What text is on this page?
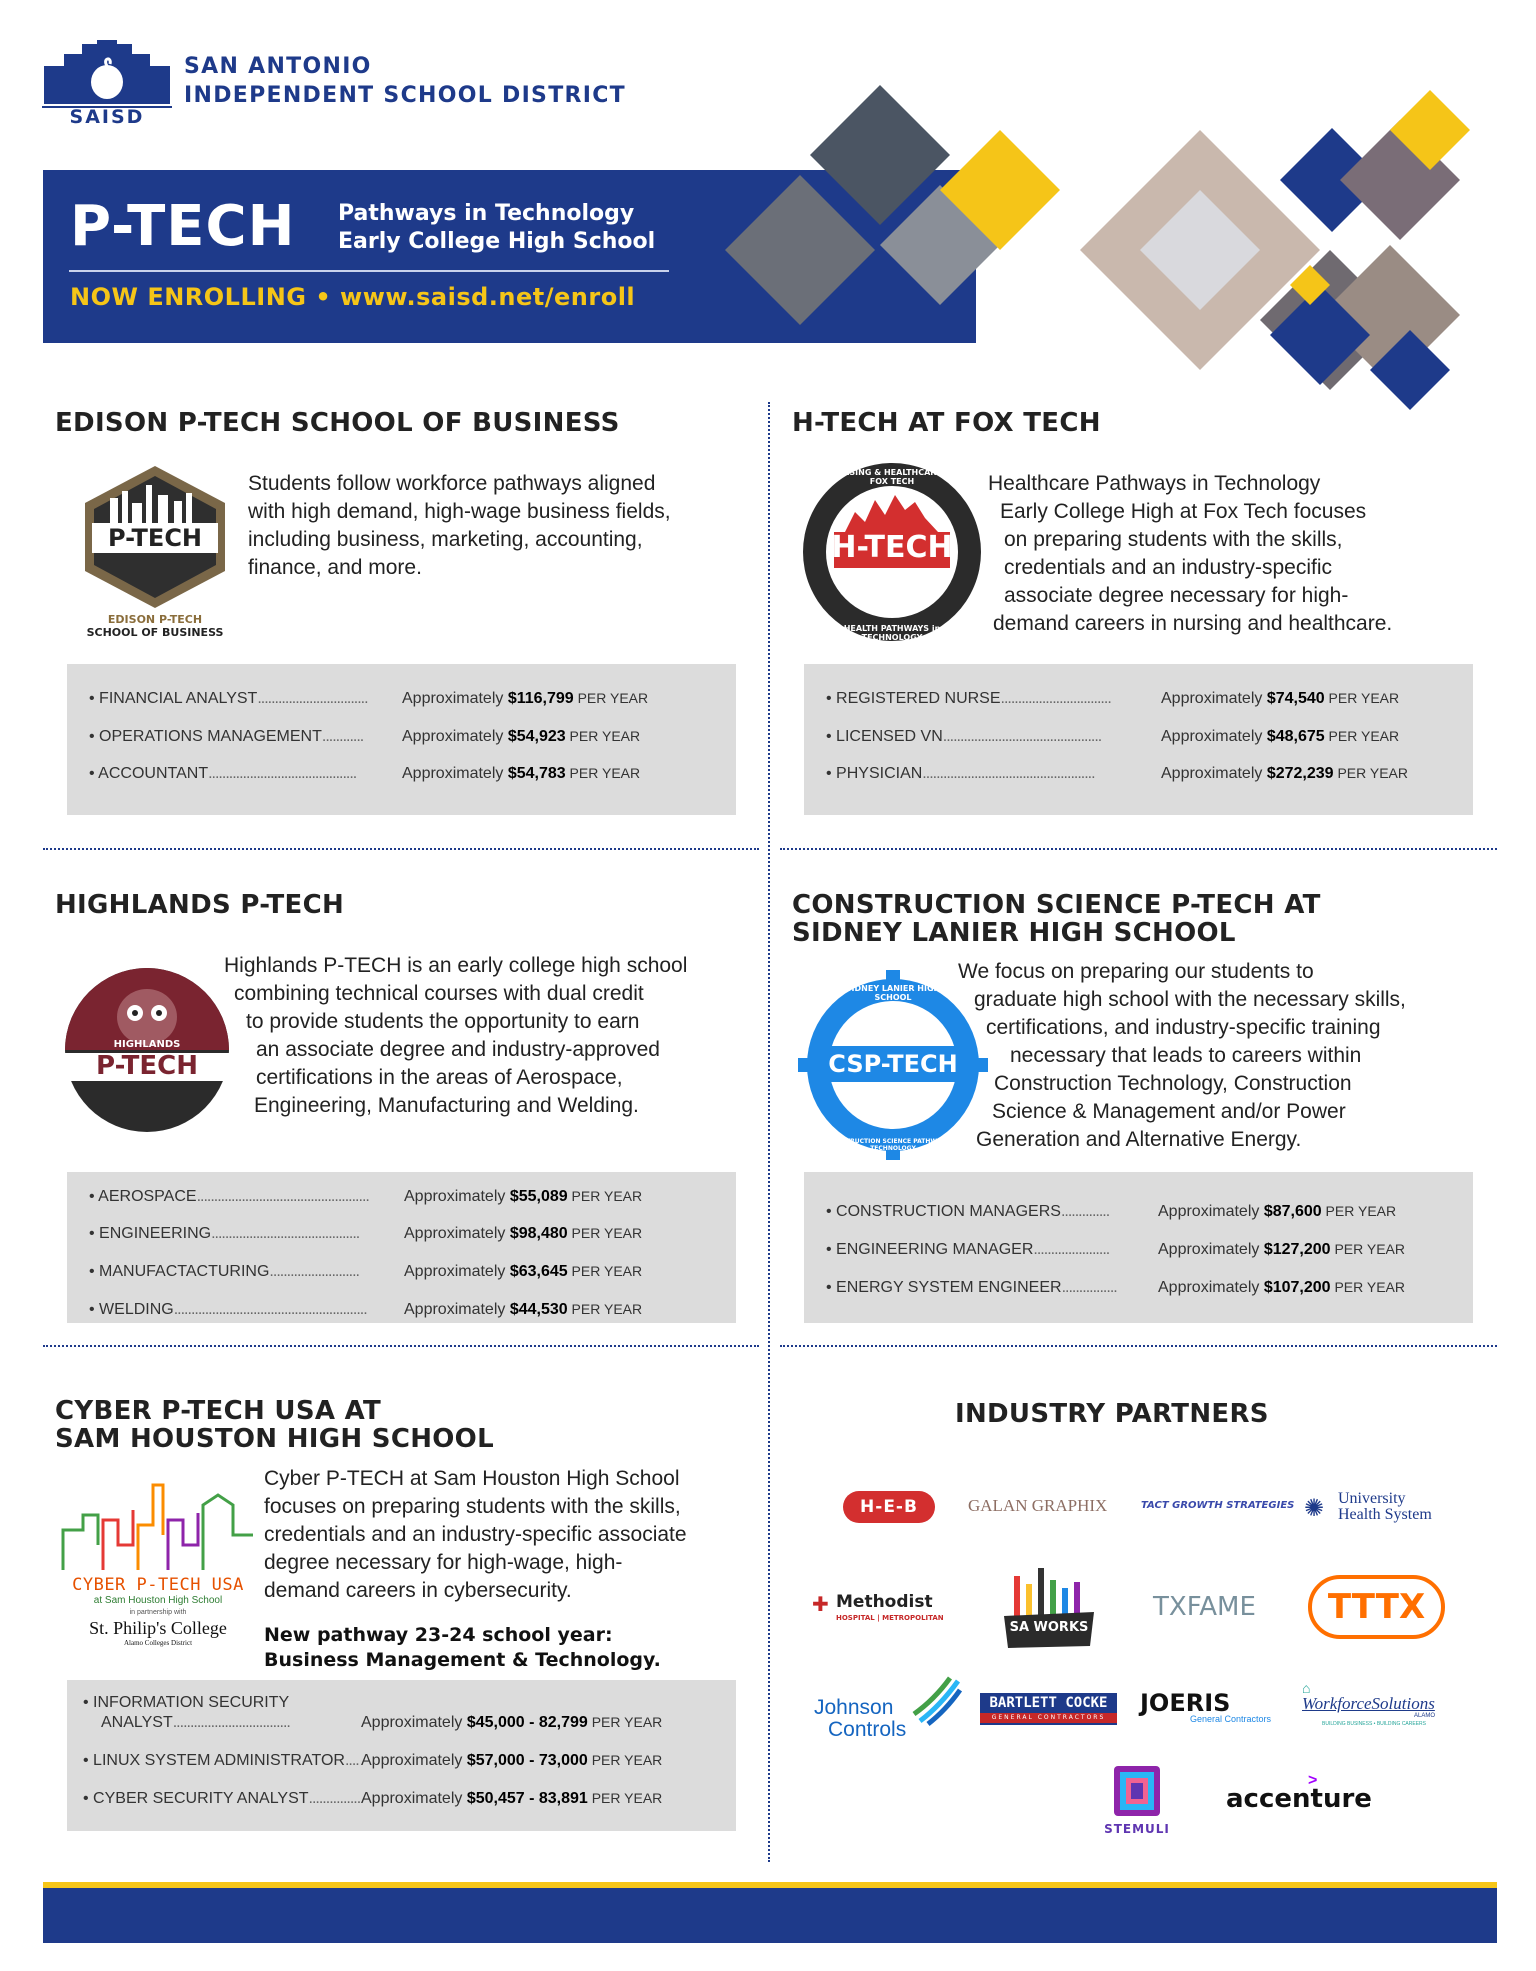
SAISD
SAN ANTONIO
INDEPENDENT SCHOOL DISTRICT
P-TECH Pathways in Technology
Early College High School
NOW ENROLLING • www.saisd.net/enroll
EDISON P-TECH SCHOOL OF BUSINESS
P-TECH
EDISON P-TECH
SCHOOL OF BUSINESS
Students follow workforce pathways aligned
with high demand, high-wage business fields,
including business, marketing, accounting,
finance, and more.
• FINANCIAL ANALYST................................ Approximately $116,799 PER YEAR
• OPERATIONS MANAGEMENT............ Approximately $54,923 PER YEAR
• ACCOUNTANT...........................................	Approximately $54,783 PER YEAR
H-TECH AT FOX TECH
H-TECH
NURSING & HEALTHCARE at FOX TECH
HEALTH PATHWAYS in TECHNOLOGY
Healthcare Pathways in Technology
Early College High at Fox Tech focuses
on preparing students with the skills,
credentials and an industry-specific
associate degree necessary for high-
demand careers in nursing and healthcare.
• REGISTERED NURSE................................	Approximately $74,540 PER YEAR
• LICENSED VN..............................................	Approximately $48,675 PER YEAR
• PHYSICIAN..................................................	Approximately $272,239 PER YEAR
HIGHLANDS P-TECH
HIGHLANDS
P-TECH
Highlands P-TECH is an early college high school
combining technical courses with dual credit
to provide students the opportunity to earn
an associate degree and industry-approved
certifications in the areas of Aerospace,
Engineering, Manufacturing and Welding.
• AEROSPACE.................................................. Approximately $55,089 PER YEAR
• ENGINEERING...........................................	Approximately $98,480 PER YEAR
• MANUFACTACTURING..........................	Approximately $63,645 PER YEAR
• WELDING........................................................ Approximately $44,530 PER YEAR
CONSTRUCTION SCIENCE P-TECH AT
SIDNEY LANIER HIGH SCHOOL
CSP-TECH
SIDNEY LANIER HIGH SCHOOL
CONSTRUCTION SCIENCE PATHWAYS IN TECHNOLOGY
We focus on preparing our students to
graduate high school with the necessary skills,
certifications, and industry-specific training
necessary that leads to careers within
Construction Technology, Construction
Science & Management and/or Power
Generation and Alternative Energy.
• CONSTRUCTION MANAGERS..............	Approximately $87,600 PER YEAR
• ENGINEERING MANAGER......................	Approximately $127,200 PER YEAR
• ENERGY SYSTEM ENGINEER................	Approximately $107,200 PER YEAR
CYBER P-TECH USA AT
SAM HOUSTON HIGH SCHOOL
CYBER P-TECH USA
at Sam Houston High School
in partnership with
St. Philip's College
Alamo Colleges District
Cyber P-TECH at Sam Houston High School
focuses on preparing students with the skills,
credentials and an industry-specific associate
degree necessary for high-wage, high-
demand careers in cybersecurity.
New pathway 23-24 school year:
Business Management & Technology.
• INFORMATION SECURITY
ANALYST..................................	Approximately $45,000 - 82,799 PER YEAR
• LINUX SYSTEM ADMINISTRATOR.... Approximately $57,000 - 73,000 PER YEAR
• CYBER SECURITY ANALYST............... Approximately $50,457 - 83,891 PER YEAR
INDUSTRY PARTNERS
H-E-B	GALAN GRAPHIX	TACT GROWTH STRATEGIES ✺ University
Health System
✚ Methodist
HOSPITAL | METROPOLITAN
SA WORKS
TXFAME	TTTX
Johnson
Controls
BARTLETT COCKE
GENERAL CONTRACTORS
JOERIS
General Contractors
⌂
WorkforceSolutions
ALAMO
BUILDING BUSINESS • BUILDING CAREERS
STEMULI
>
accenture
